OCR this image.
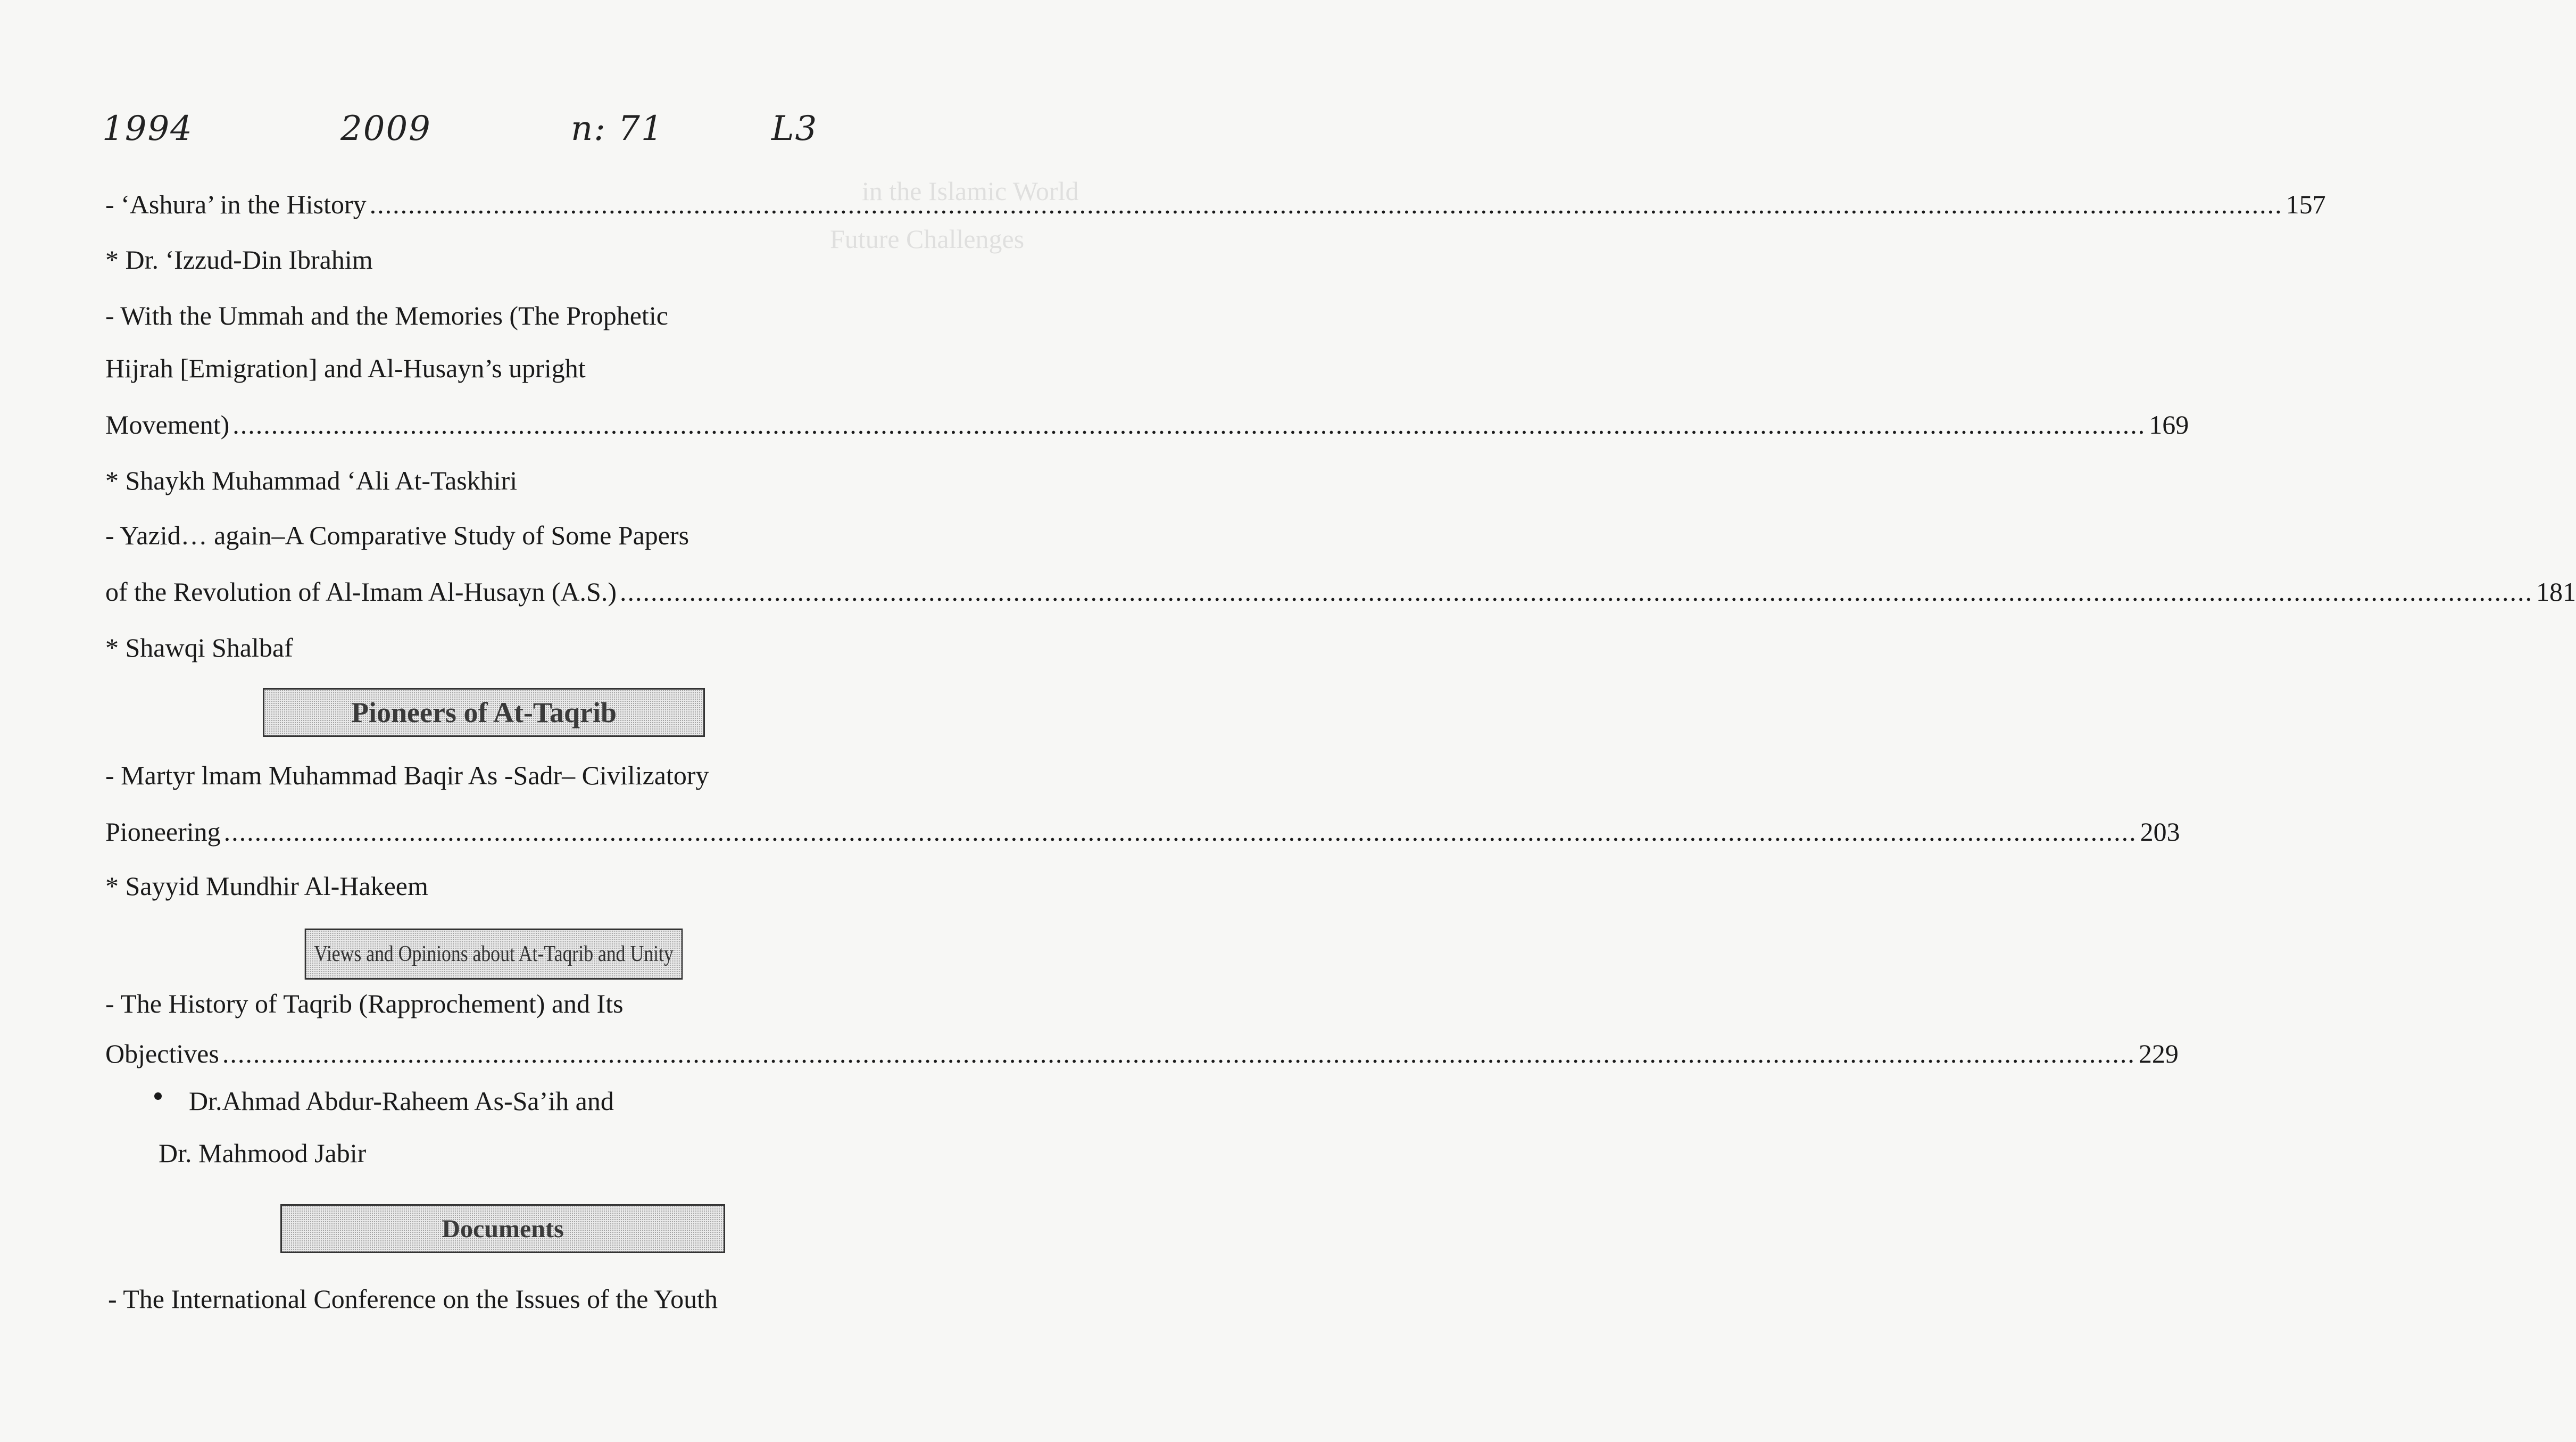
in the Islamic World
Future Challenges
1994	2009	n: 71	L3
- ‘Ashura’ in the History .....	157
* Dr. ‘Izzud-Din Ibrahim
- With the Ummah and the Memories (The Prophetic
Hijrah [Emigration] and Al-Husayn’s upright
Movement) .....	169
* Shaykh Muhammad ‘Ali At-Taskhiri
- Yazid… again–A Comparative Study of Some Papers
of the Revolution of Al-Imam Al-Husayn (A.S.) .....	181
* Shawqi Shalbaf
Pioneers of At-Taqrib
- Martyr lmam Muhammad Baqir As -Sadr– Civilizatory
Pioneering .....	203
* Sayyid Mundhir Al-Hakeem
Views and Opinions about At-Taqrib and Unity
- The History of Taqrib (Rapprochement) and Its
Objectives .....	229
Dr.Ahmad Abdur-Raheem As-Sa’ih and
Dr. Mahmood Jabir
Documents
- The International Conference on the Issues of the Youth
